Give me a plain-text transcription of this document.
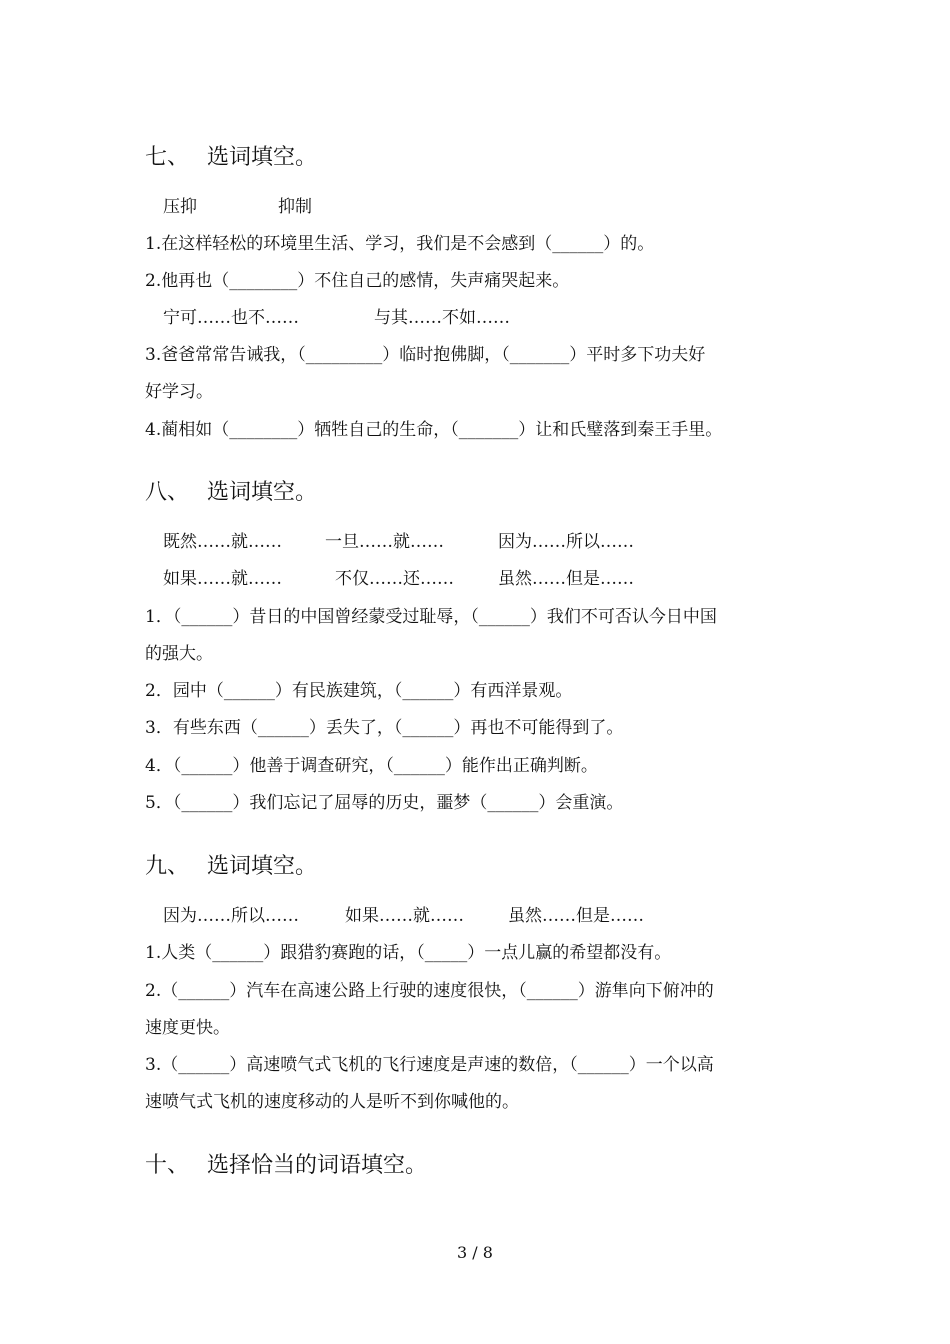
七、 选词填空。
压抑	抑制
1.在这样轻松的环境里生活、学习，我们是不会感到（______）的。
2.他再也（________）不住自己的感情，失声痛哭起来。
宁可……也不……	与其……不如……
3.爸爸常常告诫我，（_________）临时抱佛脚，（_______）平时多下功夫好
好学习。
4.蔺相如（________）牺牲自己的生命，（_______）让和氏璧落到秦王手里。
八、 选词填空。
既然……就……	一旦……就……	因为……所以……
如果……就……	不仅……还……	虽然……但是……
1．（______）昔日的中国曾经蒙受过耻辱，（______）我们不可否认今日中国
的强大。
2．园中（______）有民族建筑，（______）有西洋景观。
3．有些东西（______）丢失了，（______）再也不可能得到了。
4．（______）他善于调查研究，（______）能作出正确判断。
5．（______）我们忘记了屈辱的历史，噩梦（______）会重演。
九、 选词填空。
因为……所以……	如果……就……	虽然……但是……
1.人类（______）跟猎豹赛跑的话，（_____）一点儿赢的希望都没有。
2.（______）汽车在高速公路上行驶的速度很快，（______）游隼向下俯冲的
速度更快。
3.（______）高速喷气式飞机的飞行速度是声速的数倍，（______）一个以高
速喷气式飞机的速度移动的人是听不到你喊他的。
十、 选择恰当的词语填空。
3 / 8
